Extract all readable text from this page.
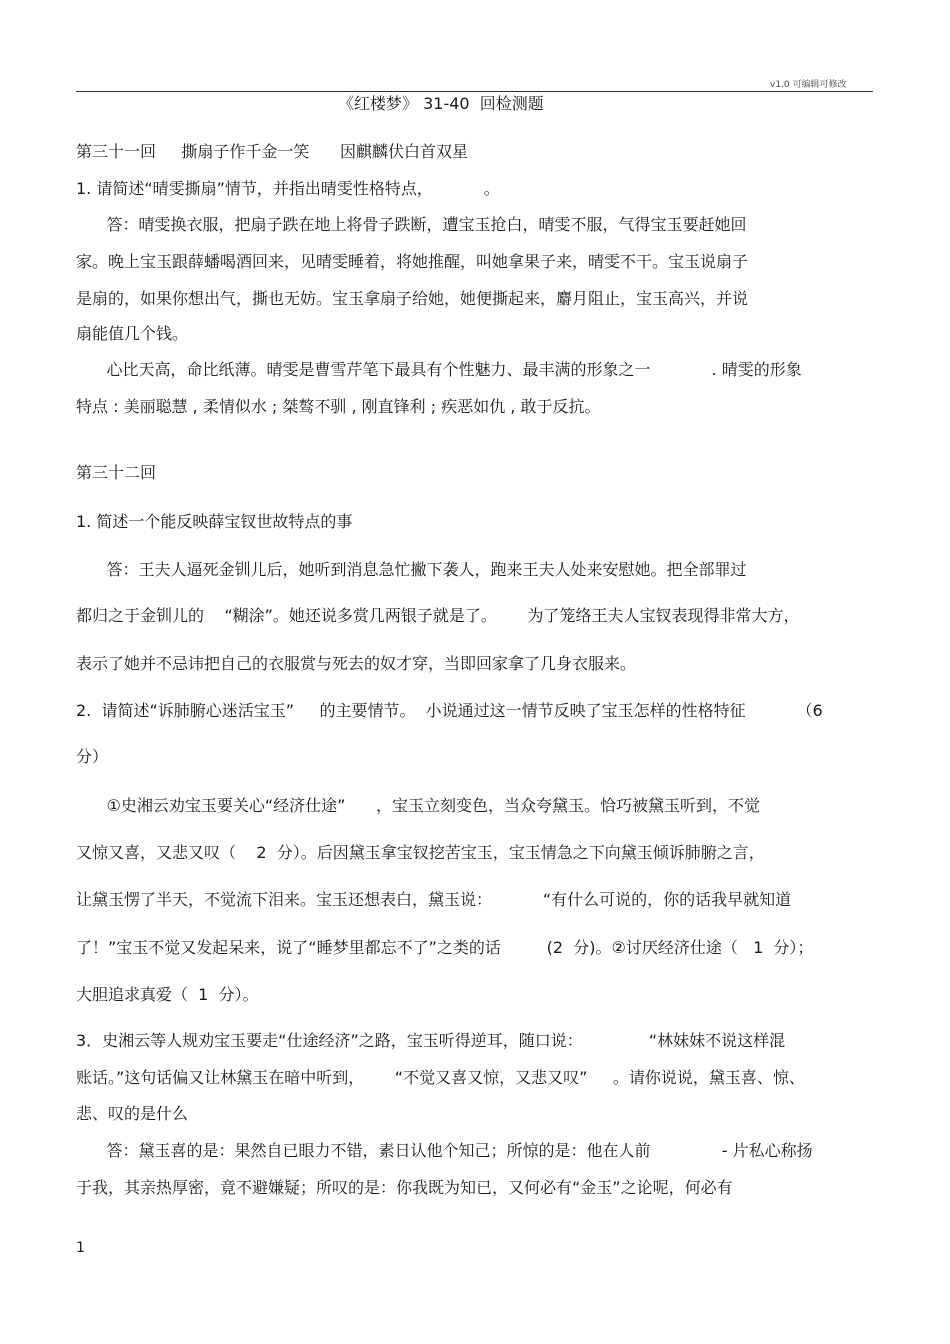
v1.0 可编辑可修改
《红楼梦》 31-40  回检测题
第三十一回     撕扇子作千金一笑      因麒麟伏白首双星
1. 请简述“晴雯撕扇”情节，并指出晴雯性格特点，          。
答：晴雯换衣服，把扇子跌在地上将骨子跌断，遭宝玉抢白，晴雯不服，气得宝玉要赶她回
家。晚上宝玉跟薛蟠喝酒回来，见晴雯睡着，将她推醒，叫她拿果子来，晴雯不干。宝玉说扇子
是扇的，如果你想出气，撕也无妨。宝玉拿扇子给她，她便撕起来，麝月阻止，宝玉高兴，并说
扇能值几个钱。
心比天高，命比纸薄。晴雯是曹雪芹笔下最具有个性魅力、最丰满的形象之一            . 晴雯的形象
特点 : 美丽聪慧 , 柔情似水 ; 桀骜不驯 , 刚直锋利 ; 疾恶如仇 , 敢于反抗。
第三十二回
1. 简述一个能反映薛宝钗世故特点的事
答：王夫人逼死金钏儿后，她听到消息急忙撇下袭人，跑来王夫人处来安慰她。把全部罪过
都归之于金钏儿的    “糊涂”。她还说多赏几两银子就是了。      为了笼络王夫人宝钗表现得非常大方，
表示了她并不忌讳把自己的衣服赏与死去的奴才穿，当即回家拿了几身衣服来。
2.  请简述“诉肺腑心迷活宝玉”     的主要情节。  小说通过这一情节反映了宝玉怎样的性格特征          （6
分）
①史湘云劝宝玉要关心“经济仕途”      ，宝玉立刻变色，当众夸黛玉。恰巧被黛玉听到，不觉
又惊又喜，又悲又叹（    2  分）。后因黛玉拿宝钗挖苦宝玉，宝玉情急之下向黛玉倾诉肺腑之言，
让黛玉愣了半天，不觉流下泪来。宝玉还想表白，黛玉说：          “有什么可说的，你的话我早就知道
了！”宝玉不觉又发起呆来，说了“睡梦里都忘不了”之类的话         (2  分)。②讨厌经济仕途（   1  分）；
大胆追求真爱（  1  分）。
3．史湘云等人规劝宝玉要走“仕途经济”之路，宝玉听得逆耳，随口说：             “林妹妹不说这样混
账话。”这句话偏又让林黛玉在暗中听到，      “不觉又喜又惊，又悲又叹”     。请你说说，黛玉喜、惊、
悲、叹的是什么
答：黛玉喜的是：果然自已眼力不错，素日认他个知己；所惊的是：他在人前              - 片私心称扬
于我，其亲热厚密，竟不避嫌疑；所叹的是：你我既为知已，又何必有“金玉”之论呢，何必有
1
